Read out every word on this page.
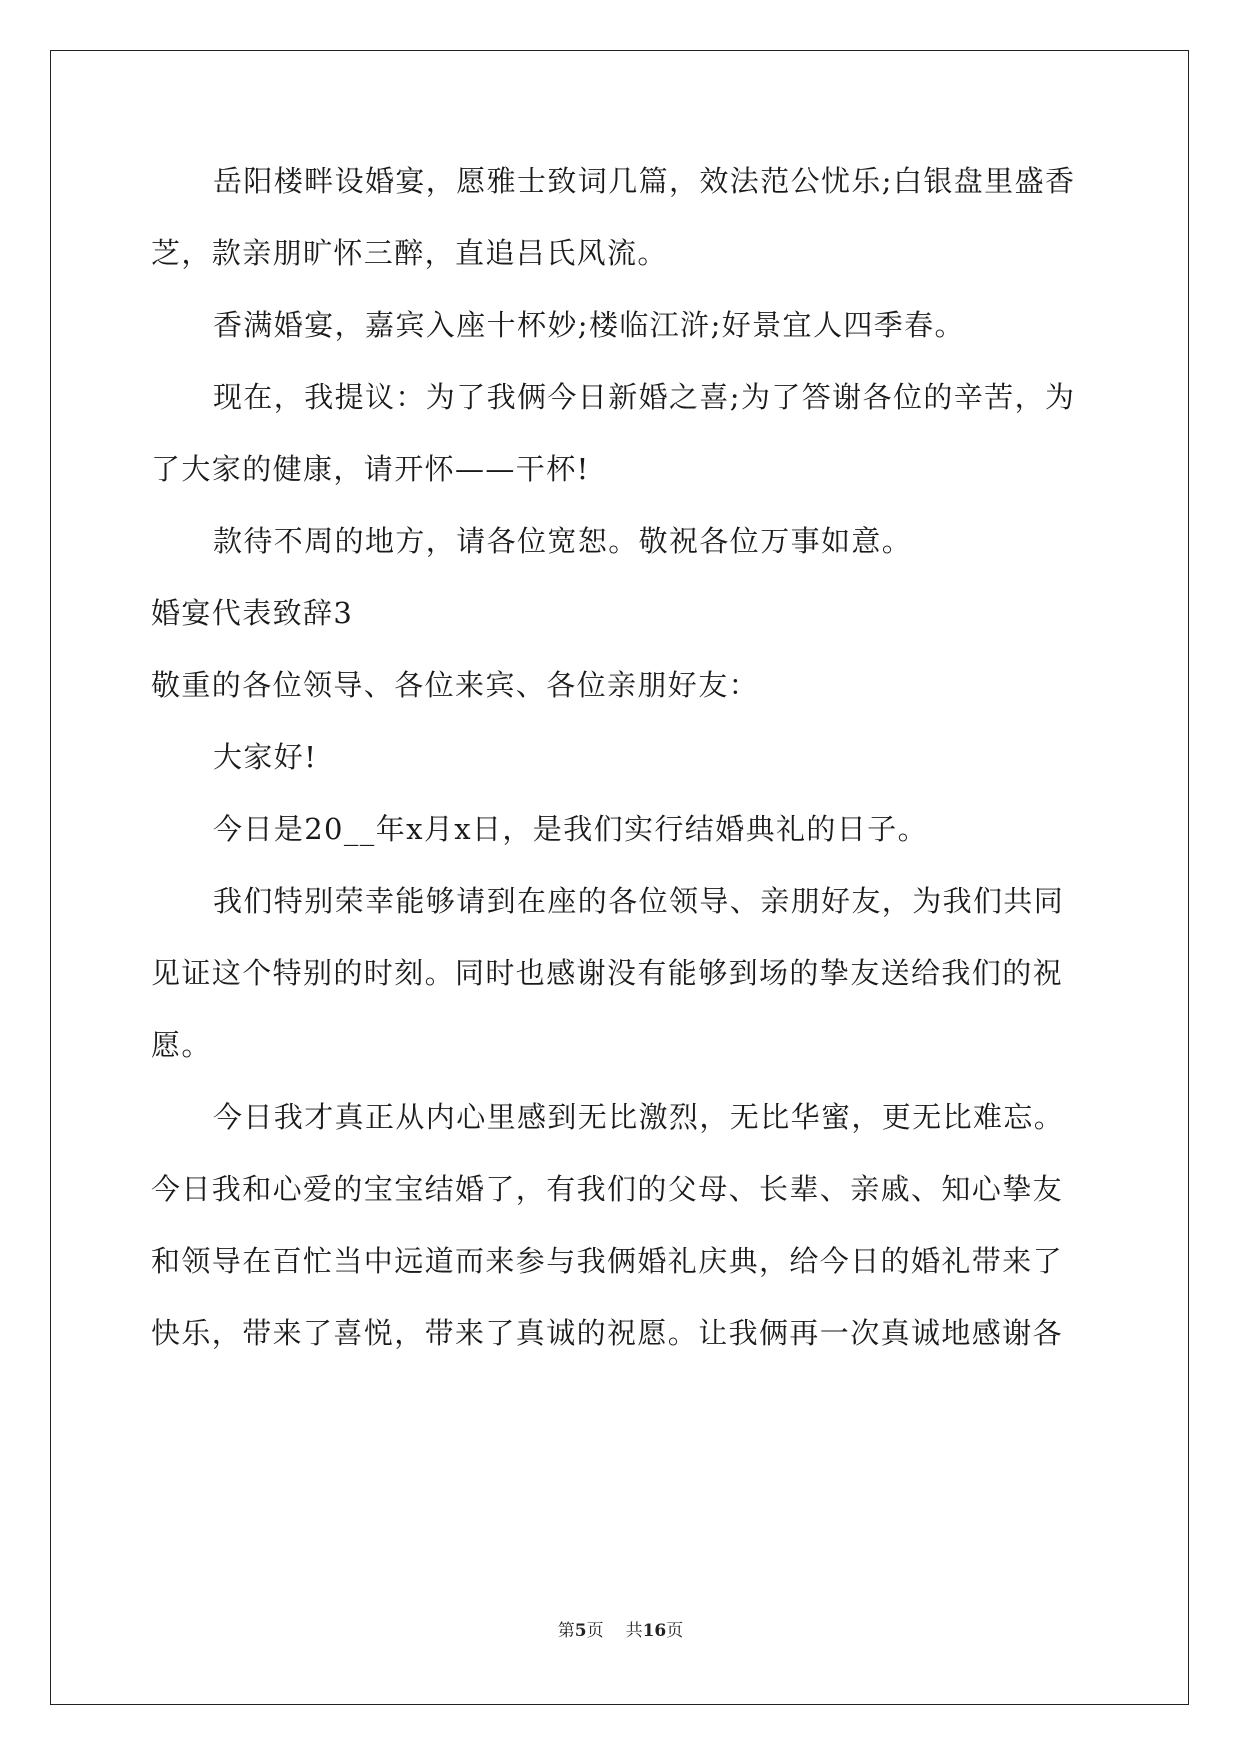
岳阳楼畔设婚宴，愿雅士致词几篇，效法范公忧乐;白银盘里盛香
芝，款亲朋旷怀三醉，直追吕氏风流。
香满婚宴，嘉宾入座十杯妙;楼临江浒;好景宜人四季春。
现在，我提议：为了我俩今日新婚之喜;为了答谢各位的辛苦，为
了大家的健康，请开怀——干杯!
款待不周的地方，请各位宽恕。敬祝各位万事如意。
婚宴代表致辞3
敬重的各位领导、各位来宾、各位亲朋好友：
大家好!
今日是20__年x月x日，是我们实行结婚典礼的日子。
我们特别荣幸能够请到在座的各位领导、亲朋好友，为我们共同
见证这个特别的时刻。同时也感谢没有能够到场的挚友送给我们的祝
愿。
今日我才真正从内心里感到无比激烈，无比华蜜，更无比难忘。
今日我和心爱的宝宝结婚了，有我们的父母、长辈、亲戚、知心挚友
和领导在百忙当中远道而来参与我俩婚礼庆典，给今日的婚礼带来了
快乐，带来了喜悦，带来了真诚的祝愿。让我俩再一次真诚地感谢各
第5页 共16页
